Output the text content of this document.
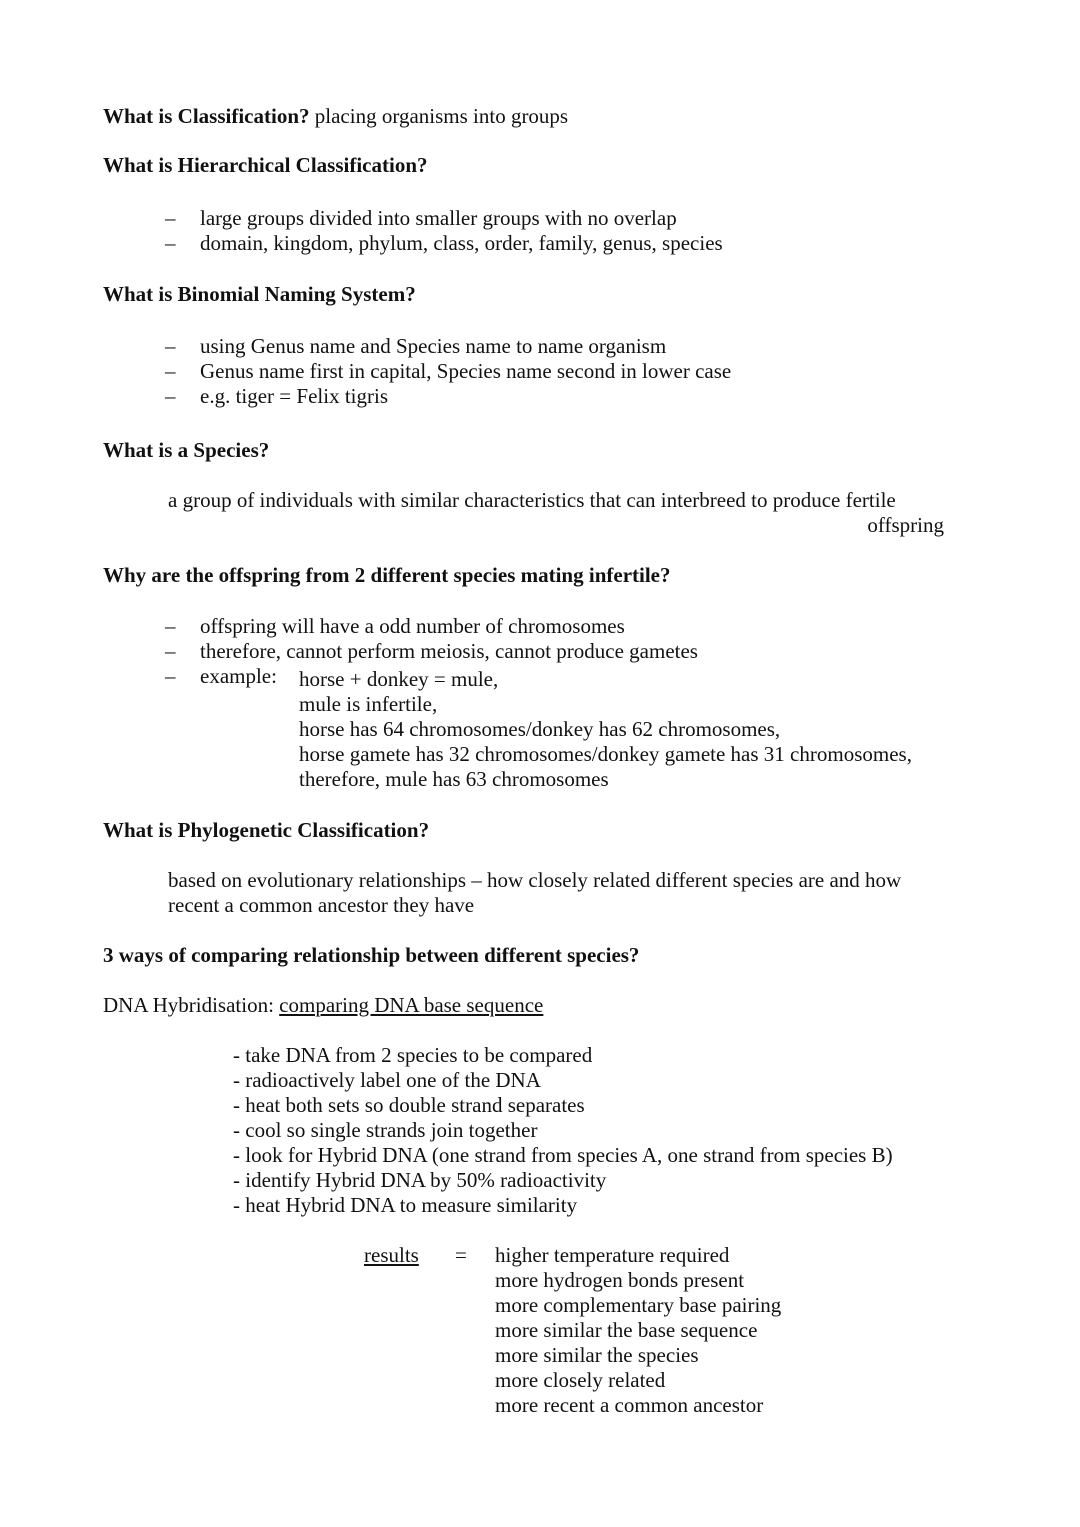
What is Classification? placing organisms into groups
What is Hierarchical Classification?
– large groups divided into smaller groups with no overlap
– domain, kingdom, phylum, class, order, family, genus, species
What is Binomial Naming System?
– using Genus name and Species name to name organism
– Genus name first in capital, Species name second in lower case
– e.g. tiger = Felix tigris
What is a Species?
a group of individuals with similar characteristics that can interbreed to produce fertile
offspring
Why are the offspring from 2 different species mating infertile?
– offspring will have a odd number of chromosomes
– therefore, cannot perform meiosis, cannot produce gametes
– example:	horse + donkey = mule,
mule is infertile,
horse has 64 chromosomes/donkey has 62 chromosomes,
horse gamete has 32 chromosomes/donkey gamete has 31 chromosomes,
therefore, mule has 63 chromosomes
What is Phylogenetic Classification?
based on evolutionary relationships – how closely related different species are and how
recent a common ancestor they have
3 ways of comparing relationship between different species?
DNA Hybridisation: comparing DNA base sequence
- take DNA from 2 species to be compared
- radioactively label one of the DNA
- heat both sets so double strand separates
- cool so single strands join together
- look for Hybrid DNA (one strand from species A, one strand from species B)
- identify Hybrid DNA by 50% radioactivity
- heat Hybrid DNA to measure similarity
results = higher temperature required
more hydrogen bonds present
more complementary base pairing
more similar the base sequence
more similar the species
more closely related
more recent a common ancestor
